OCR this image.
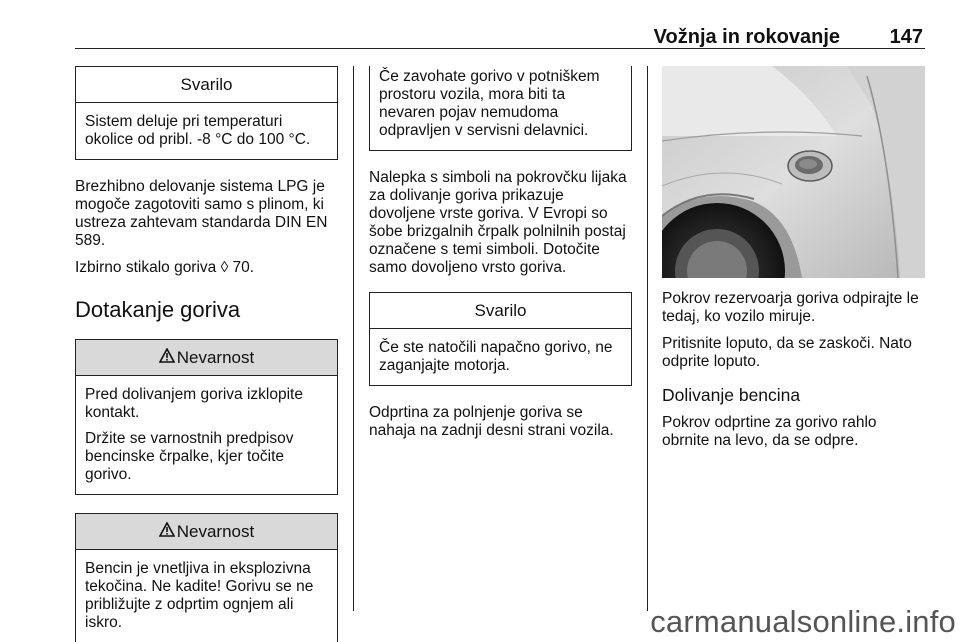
Vožnja in rokovanje 147
Svarilo

Sistem deluje pri temperaturi okolice od pribl. -8 °C do 100 °C.

Brezhibno delovanje sistema LPG je mogoče zagotoviti samo s plinom, ki ustreza zahtevam standarda DIN EN 589.

Izbirno stikalo goriva ◊ 70.

Dotakanje goriva
Nevarnost

Pred dolivanjem goriva izklopite kontakt.

Držite se varnostnih predpisov bencinske črpalke, kjer točite gorivo.

Nevarnost

Bencin je vnetljiva in eksplozivna tekočina. Ne kadite! Gorivu se ne približujte z odprtim ognjem ali iskro.

Če zavohate gorivo v potniškem prostoru vozila, mora biti ta nevaren pojav nemudoma odpravljen v servisni delavnici.

Nalepka s simboli na pokrovčku lijaka za dolivanje goriva prikazuje dovoljene vrste goriva. V Evropi so šobe brizgalnih črpalk polnilnih postaj označene s temi simboli. Dotočite samo dovoljeno vrsto goriva.

Svarilo

Če ste natočili napačno gorivo, ne zaganjajte motorja.

Odprtina za polnjenje goriva se nahaja na zadnji desni strani vozila.

Pokrov rezervoarja goriva odpirajte le tedaj, ko vozilo miruje.

Pritisnite loputo, da se zaskoči. Nato odprite loputo.

Dolivanje bencina

Pokrov odprtine za gorivo rahlo obrnite na levo, da se odpre.

carmanualsonline.info
